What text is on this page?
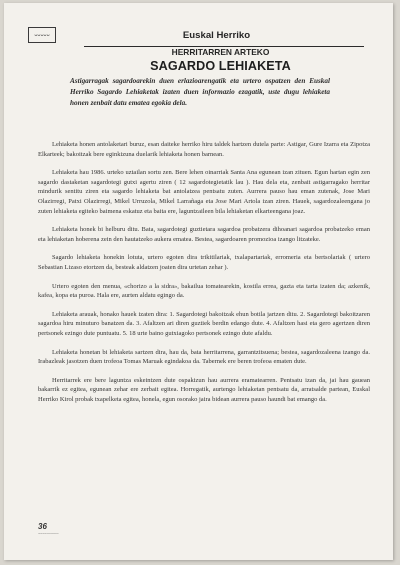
ᴗᴗᴗᴗᴗ	Euskal Herriko
HERRITARREN ARTEKO
SAGARDO LEHIAKETA
Astigarragak sagardoarekin duen erlazioarengatik eta urtero ospatzen den Euskal Herriko Sagardo Lehiaketak izaten duen informazio ezagatik, uste dugu lehiaketa honen zenbait datu ematea egokia dela.

Lehiaketa honen antolaketari buruz, esan daiteke herriko hiru taldek hartzen dutela parte: Astigar, Gure Izarra eta Zipotza Elkarteek; bakoitzak bere eginkizuna duelarik lehiaketa honen barnean.

Lehiaketa hau 1986. urteko uztailan sortu zen. Bere lehen oinarriak Santa Ana egunean izan zituen. Egun hartan egin zen sagardo dastaketan sagardotegi gutxi agertu ziren ( 12 sagardotegietatik lau ). Hau dela eta, zenbait astigarragako herritar mindurik sentitu ziren eta sagardo lehiaketa bat antolatzea pentsatu zuten. Aurrera pauso hau eman zutenak, Jose Mari Olazirregi, Patxi Olazirregi, Mikel Urruzola, Mikel Larrañaga eta Jose Mari Artola izan ziren. Hauek, sagardozaleengana jo zuten lehiaketa egiteko baimena eskatuz eta baita ere, laguntzaileen bila lehiaketan elkarteengana joaz.

Lehiaketa honek bi helburu ditu. Bata, sagardotegi guztietara sagardoa probatzera dihoanari sagardoa probatzeko eman eta lehiaketan hoberena zein den hautatzeko aukera ematea. Bestea, sagardoaren promozioa izango litzateke.

Sagardo lehiaketa honekin lotuta, urtero egoten dira trikitilariak, txalapartariak, erromeria eta bertsolariak ( urtero Sebastian Lizaso etortzen da, besteak aldatzen joaten dira urtetan zehar ).

Urtero egoten den menua, «chorizo a la sidra», bakailua tomatearekin, kostila errea, gazta eta tarta izaten da; azkenik, kafea, kopa eta puroa. Hala ere, aurten aldatu egingo da.

Lehiaketa arauak, honako hauek izaten dira: 1. Sagardotegi bakoitzak ehun botila jartzen ditu. 2. Sagardotegi bakoitzaren sagardoa hiru minuturo banatzen da. 3. Afaltzen ari diren guztiek berdin edango dute. 4. Afaltzen hasi eta gero agertzen diren pertsonek ezingo dute puntuatu. 5. 18 urte baino gutxiagoko pertsonek ezingo dute afaldu.

Lehiaketa honetan bi lehiaketa sartzen dira, hau da, bata herritarrena, garrantzitsuena; bestea, sagardozaleena izango da. Irabazleak jasotzen duen trofeoa Tomas Maruak egindakoa da. Tabernek ere beren trofeoa ematen dute.

Herritarrek ere bere laguntza eskeintzen dute ospakizun hau aurrera eramatearren. Pentsatu izan da, jai hau gauean bakarrik ez egitea, egunean zehar ere zerbait egitea. Horregatik, aurtengo lehiaketan pentsatu da, arratsalde partean, Euskal Herriko Kirol probak txapelketa egitea, honela, egun osorako jaira bidean aurrera pauso haundi bat emango da.

36
~~~~~~~~~~
